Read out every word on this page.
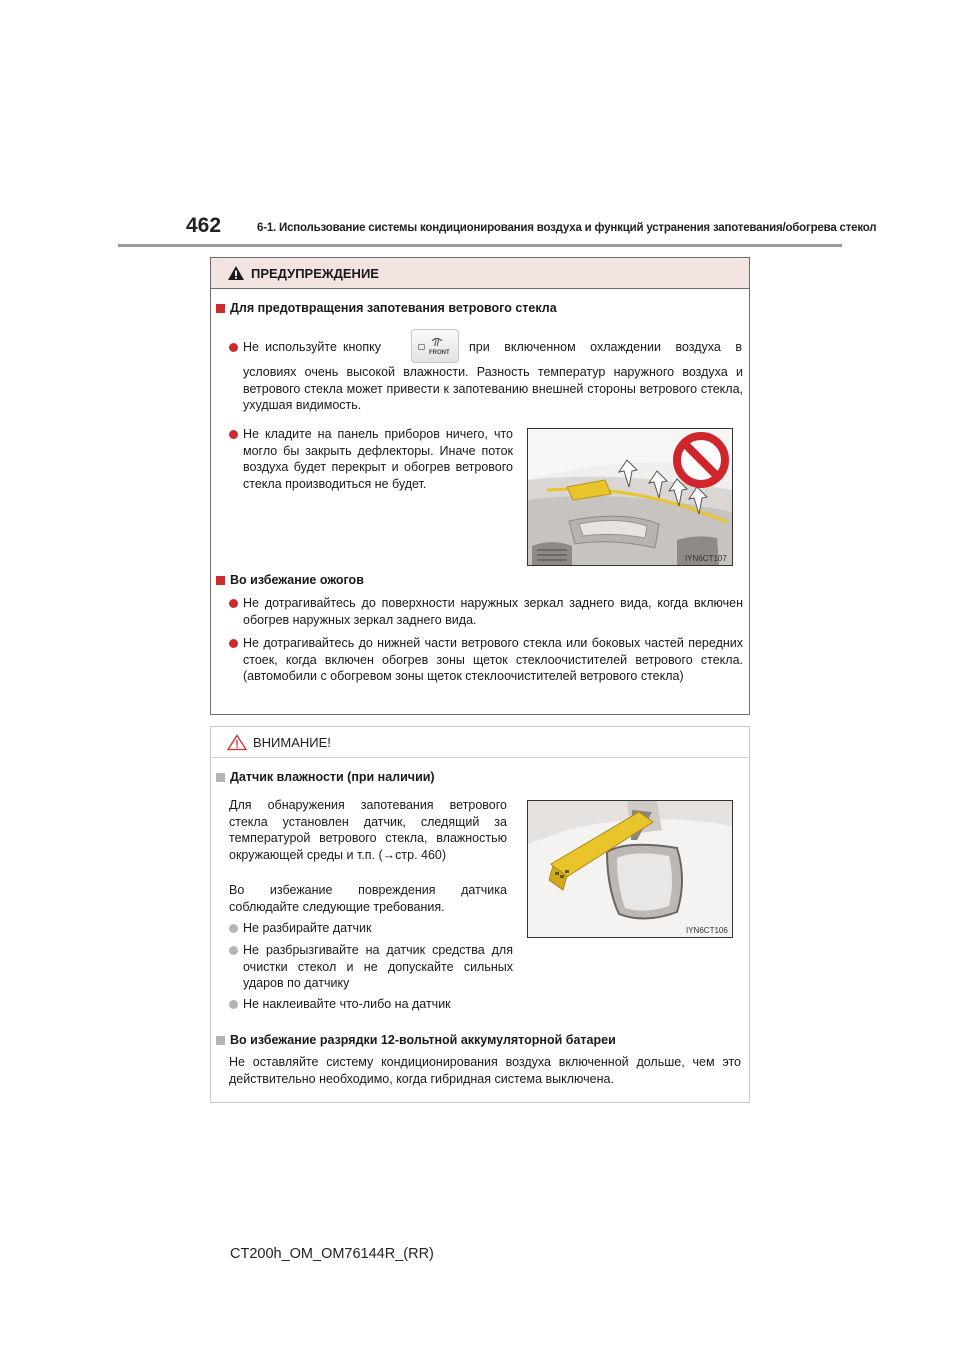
462	6-1. Использование системы кондиционирования воздуха и функций устранения запотевания/обогрева стекол
ПРЕДУПРЕЖДЕНИЕ
Для предотвращения запотевания ветрового стекла
Не используйте кнопку	FRONT при включенном охлаждении воздуха в
условиях очень высокой влажности. Разность температур наружного воздуха и ветрового стекла может привести к запотеванию внешней стороны ветрового стекла, ухудшая видимость.
Не кладите на панель приборов ничего, что могло бы закрыть дефлекторы. Иначе поток воздуха будет перекрыт и обогрев ветрового стекла производиться не будет.
IYN6CT107
Во избежание ожогов
Не дотрагивайтесь до поверхности наружных зеркал заднего вида, когда включен обогрев наружных зеркал заднего вида.
Не дотрагивайтесь до нижней части ветрового стекла или боковых частей передних стоек, когда включен обогрев зоны щеток стеклоочистителей ветрового стекла. (автомобили с обогревом зоны щеток стеклоочистителей ветрового стекла)
ВНИМАНИЕ!
Датчик влажности (при наличии)
Для обнаружения запотевания ветрового стекла установлен датчик, следящий за температурой ветрового стекла, влажностью окружающей среды и т.п. (→стр. 460)
Во избежание повреждения датчика соблюдайте следующие требования.
Не разбирайте датчик
Не разбрызгивайте на датчик средства для очистки стекол и не допускайте сильных ударов по датчику
Не наклеивайте что-либо на датчик
IYN6CT106
Во избежание разрядки 12-вольтной аккумуляторной батареи
Не оставляйте систему кондиционирования воздуха включенной дольше, чем это действительно необходимо, когда гибридная система выключена.
CT200h_OM_OM76144R_(RR)
